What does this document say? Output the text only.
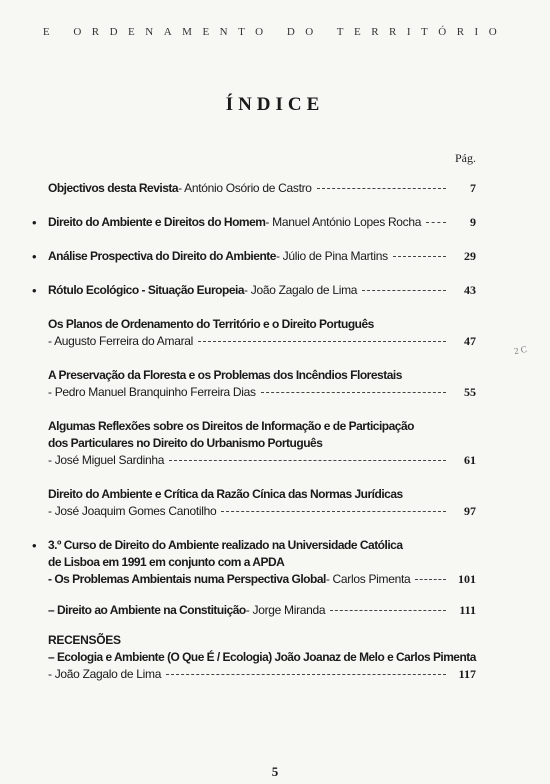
E ORDENAMENTO DO TERRITÓRIO
ÍNDICE
Pág.
Objectivos desta Revista - António Osório de Castro	7
• Direito do Ambiente e Direitos do Homem - Manuel António Lopes Rocha	9
• Análise Prospectiva do Direito do Ambiente - Júlio de Pina Martins	29
• Rótulo Ecológico - Situação Europeia - João Zagalo de Lima	43
Os Planos de Ordenamento do Território e o Direito Português
- Augusto Ferreira do Amaral	47
A Preservação da Floresta e os Problemas dos Incêndios Florestais
- Pedro Manuel Branquinho Ferreira Dias	55
Algumas Reflexões sobre os Direitos de Informação e de Participação
dos Particulares no Direito do Urbanismo Português
- José Miguel Sardinha	61
Direito do Ambiente e Crítica da Razão Cínica das Normas Jurídicas
- José Joaquim Gomes Canotilho	97
• 3.º Curso de Direito do Ambiente realizado na Universidade Católica
de Lisboa em 1991 em conjunto com a APDA
- Os Problemas Ambientais numa Perspectiva Global - Carlos Pimenta	101
– Direito ao Ambiente na Constituição - Jorge Miranda	111
RECENSÕES
– Ecologia e Ambiente (O Que É / Ecologia) João Joanaz de Melo e Carlos Pimenta
- João Zagalo de Lima	117
2 C
5
